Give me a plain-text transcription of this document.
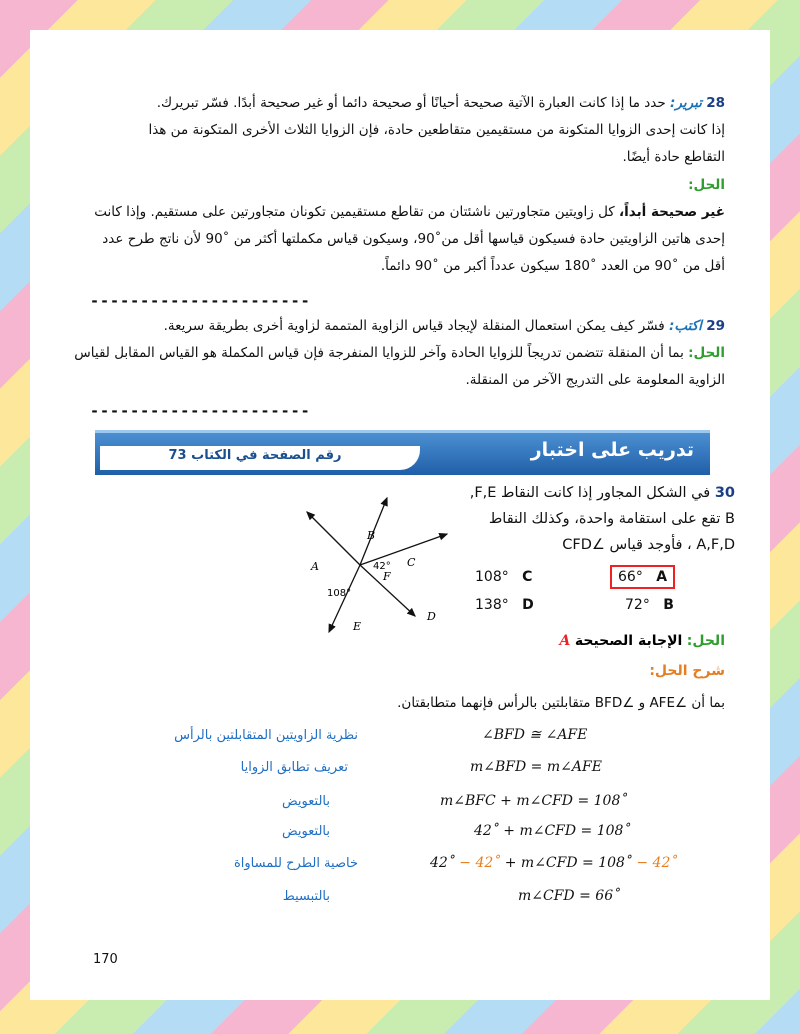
28 تبرير: حدد ما إذا كانت العبارة الآتية صحيحة أحيانًا أو صحيحة دائما أو غير صحيحة أبدًا. فسّر تبريرك.
إذا كانت إحدى الزوايا المتكونة من مستقيمين متقاطعين حادة، فإن الزوايا الثلاث الأخرى المتكونة من هذا
التقاطع حادة أيضًا.
الحل:
غير صحيحة أبداً، كل زاويتين متجاورتين ناشئتان من تقاطع مستقيمين تكونان متجاورتين على مستقيم. وإذا كانت
إحدى هاتين الزاويتين حادة فسيكون قياسها أقل من˚90، وسيكون قياس مكملتها أكثر من ˚90 لأن ناتج طرح عدد
أقل من ˚90 من العدد ˚180 سيكون عدداً أكبر من ˚90 دائماً.
----------------------
29 اكتب: فسّر كيف يمكن استعمال المنقلة لإيجاد قياس الزاوية المتممة لزاوية أخرى بطريقة سريعة.
الحل: بما أن المنقلة تتضمن تدريجاً للزوايا الحادة وآخر للزوايا المنفرجة فإن قياس المكملة هو القياس المقابل لقياس
الزاوية المعلومة على التدريج الآخر من المنقلة.
----------------------
تدريب على اختبار
رقم الصفحة في الكتاب 73
30 في الشكل المجاور إذا كانت النقاط F,E,
B تقع على استقامة واحدة، وكذلك النقاط
A,F,D ، فأوجد قياس ∠CFD
108° C	66° A
138° D	72° B
A
B
C
D
E
F
42°
108°
الحل: الإجابة الصحيحة A
شرح الحل:
بما أن ∠AFE و ∠BFD متقابلتين بالرأس فإنهما متطابقتان.
∠BFD ≅ ∠AFE
نظرية الزاويتين المتقابلتين بالرأس
m∠BFD = m∠AFE
تعريف تطابق الزوايا
m∠BFC + m∠CFD = 108˚
بالتعويض
42˚ + m∠CFD = 108˚
بالتعويض
42˚ − 42˚ + m∠CFD = 108˚ − 42˚
خاصية الطرح للمساواة
m∠CFD = 66˚
بالتبسيط
170
